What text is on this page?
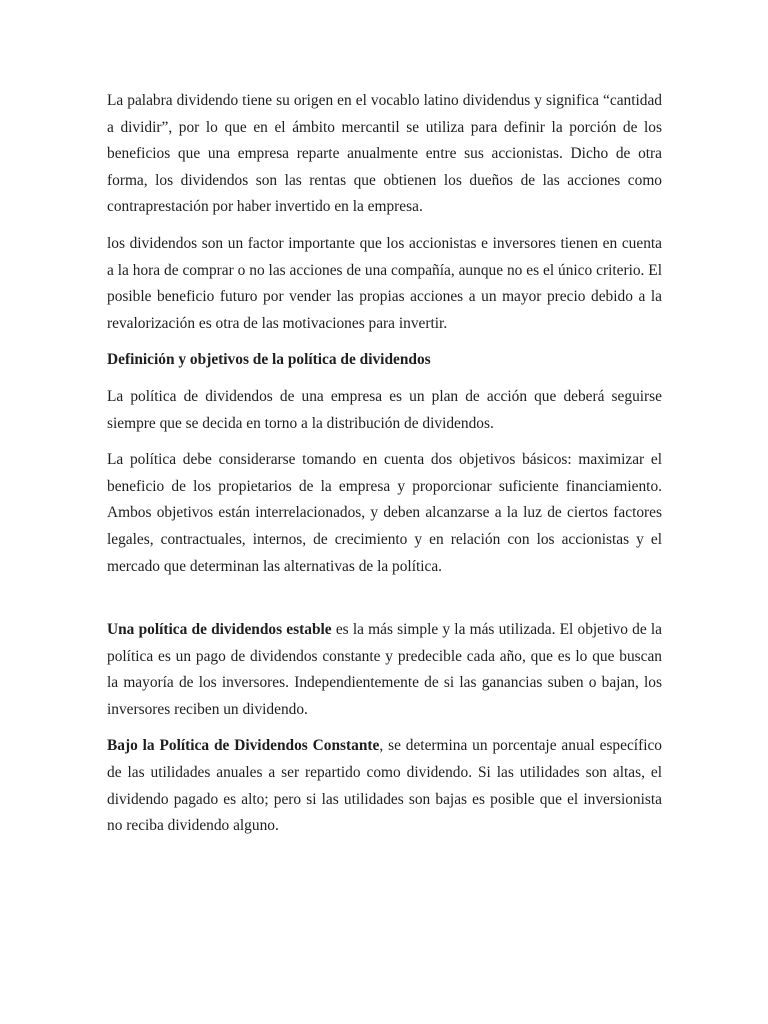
La palabra dividendo tiene su origen en el vocablo latino dividendus y significa “cantidad a dividir”, por lo que en el ámbito mercantil se utiliza para definir la porción de los beneficios que una empresa reparte anualmente entre sus accionistas. Dicho de otra forma, los dividendos son las rentas que obtienen los dueños de las acciones como contraprestación por haber invertido en la empresa.

los dividendos son un factor importante que los accionistas e inversores tienen en cuenta a la hora de comprar o no las acciones de una compañía, aunque no es el único criterio. El posible beneficio futuro por vender las propias acciones a un mayor precio debido a la revalorización es otra de las motivaciones para invertir.

Definición y objetivos de la política de dividendos

La política de dividendos de una empresa es un plan de acción que deberá seguirse siempre que se decida en torno a la distribución de dividendos.

La política debe considerarse tomando en cuenta dos objetivos básicos: maximizar el beneficio de los propietarios de la empresa y proporcionar suficiente financiamiento. Ambos objetivos están interrelacionados, y deben alcanzarse a la luz de ciertos factores legales, contractuales, internos, de crecimiento y en relación con los accionistas y el mercado que determinan las alternativas de la política.

Una política de dividendos estable es la más simple y la más utilizada. El objetivo de la política es un pago de dividendos constante y predecible cada año, que es lo que buscan la mayoría de los inversores. Independientemente de si las ganancias suben o bajan, los inversores reciben un dividendo.

Bajo la Política de Dividendos Constante, se determina un porcentaje anual específico de las utilidades anuales a ser repartido como dividendo. Si las utilidades son altas, el dividendo pagado es alto; pero si las utilidades son bajas es posible que el inversionista no reciba dividendo alguno.
